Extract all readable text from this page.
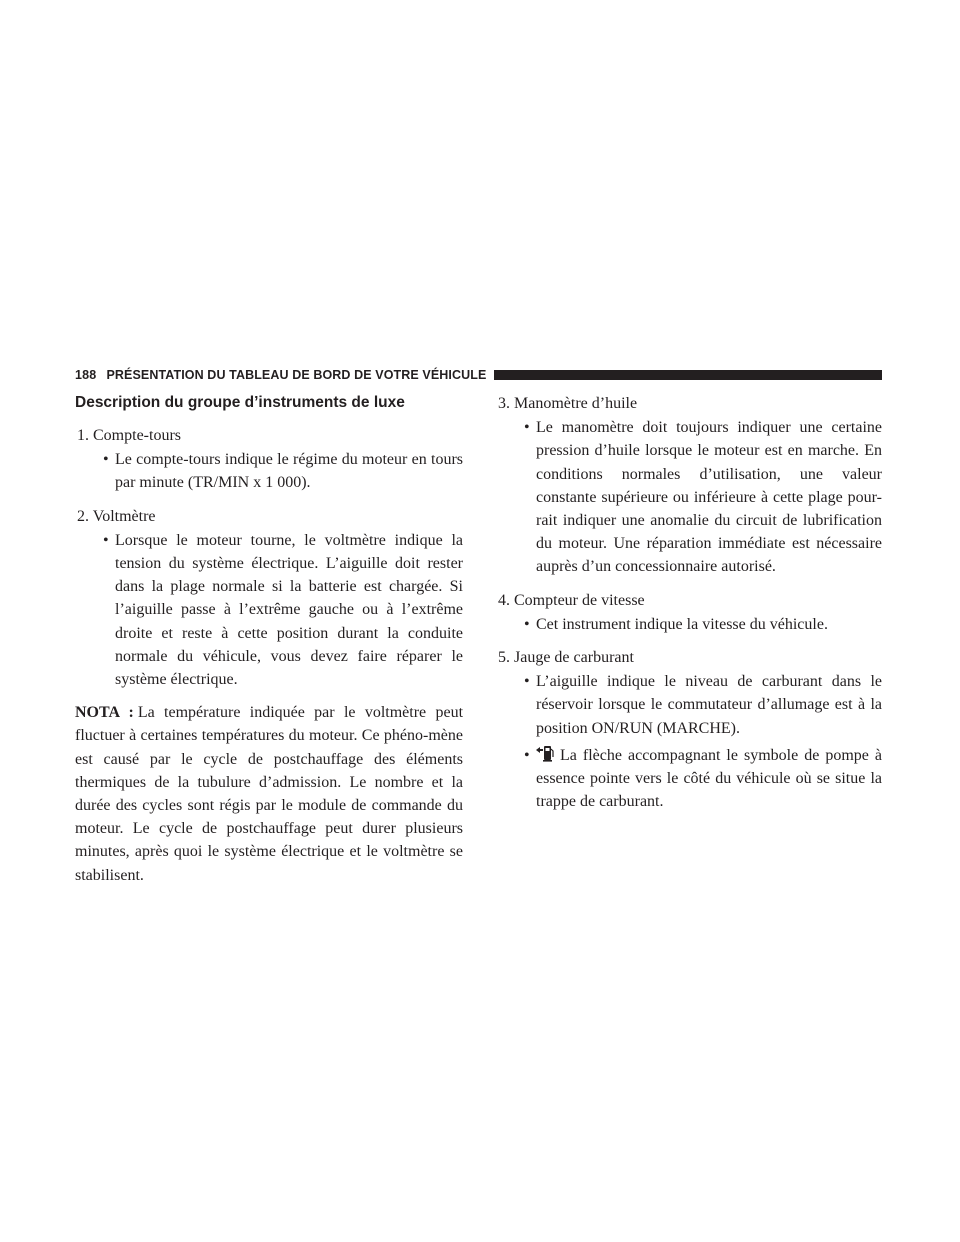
188 PRÉSENTATION DU TABLEAU DE BORD DE VOTRE VÉHICULE
Description du groupe d’instruments de luxe
1. Compte-tours
• Le compte-tours indique le régime du moteur en tours par minute (TR/MIN x 1 000).
2. Voltmètre
• Lorsque le moteur tourne, le voltmètre indique la tension du système électrique. L’aiguille doit rester dans la plage normale si la batterie est chargée. Si l’aiguille passe à l’extrême gauche ou à l’extrême droite et reste à cette position durant la conduite normale du véhicule, vous devez faire réparer le système électrique.
NOTA : La température indiquée par le voltmètre peut fluctuer à certaines températures du moteur. Ce phéno-mène est causé par le cycle de postchauffage des éléments thermiques de la tubulure d’admission. Le nombre et la durée des cycles sont régis par le module de commande du moteur. Le cycle de postchauffage peut durer plusieurs minutes, après quoi le système électrique et le voltmètre se stabilisent.
3. Manomètre d’huile
• Le manomètre doit toujours indiquer une certaine pression d’huile lorsque le moteur est en marche. En conditions normales d’utilisation, une valeur constante supérieure ou inférieure à cette plage pour-rait indiquer une anomalie du circuit de lubrification du moteur. Une réparation immédiate est nécessaire auprès d’un concessionnaire autorisé.
4. Compteur de vitesse
• Cet instrument indique la vitesse du véhicule.
5. Jauge de carburant
• L’aiguille indique le niveau de carburant dans le réservoir lorsque le commutateur d’allumage est à la position ON/RUN (MARCHE).
• La flèche accompagnant le symbole de pompe à essence pointe vers le côté du véhicule où se situe la trappe de carburant.
